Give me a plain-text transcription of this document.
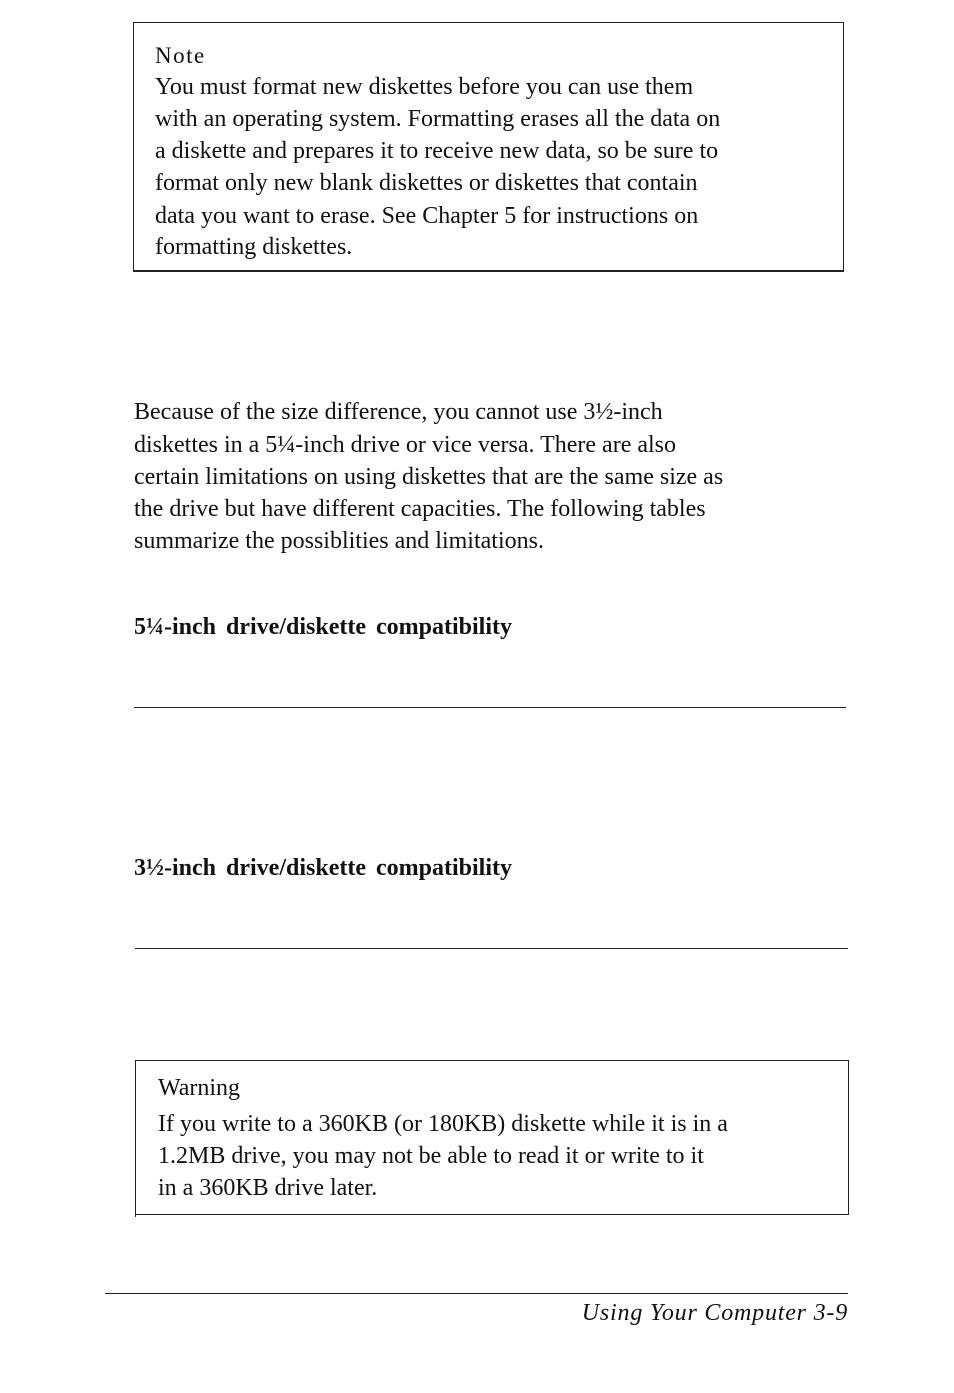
Note
You must format new diskettes before you can use them
with an operating system. Formatting erases all the data on
a diskette and prepares it to receive new data, so be sure to
format only new blank diskettes or diskettes that contain
data you want to erase. See Chapter 5 for instructions on
formatting diskettes.
Because of the size difference, you cannot use 3½-inch
diskettes in a 5¼-inch drive or vice versa. There are also
certain limitations on using diskettes that are the same size as
the drive but have different capacities. The following tables
summarize the possiblities and limitations.
5¼-inch drive/diskette compatibility
3½-inch drive/diskette compatibility
Warning
If you write to a 360KB (or 180KB) diskette while it is in a
1.2MB drive, you may not be able to read it or write to it
in a 360KB drive later.
Using Your Computer 3-9
